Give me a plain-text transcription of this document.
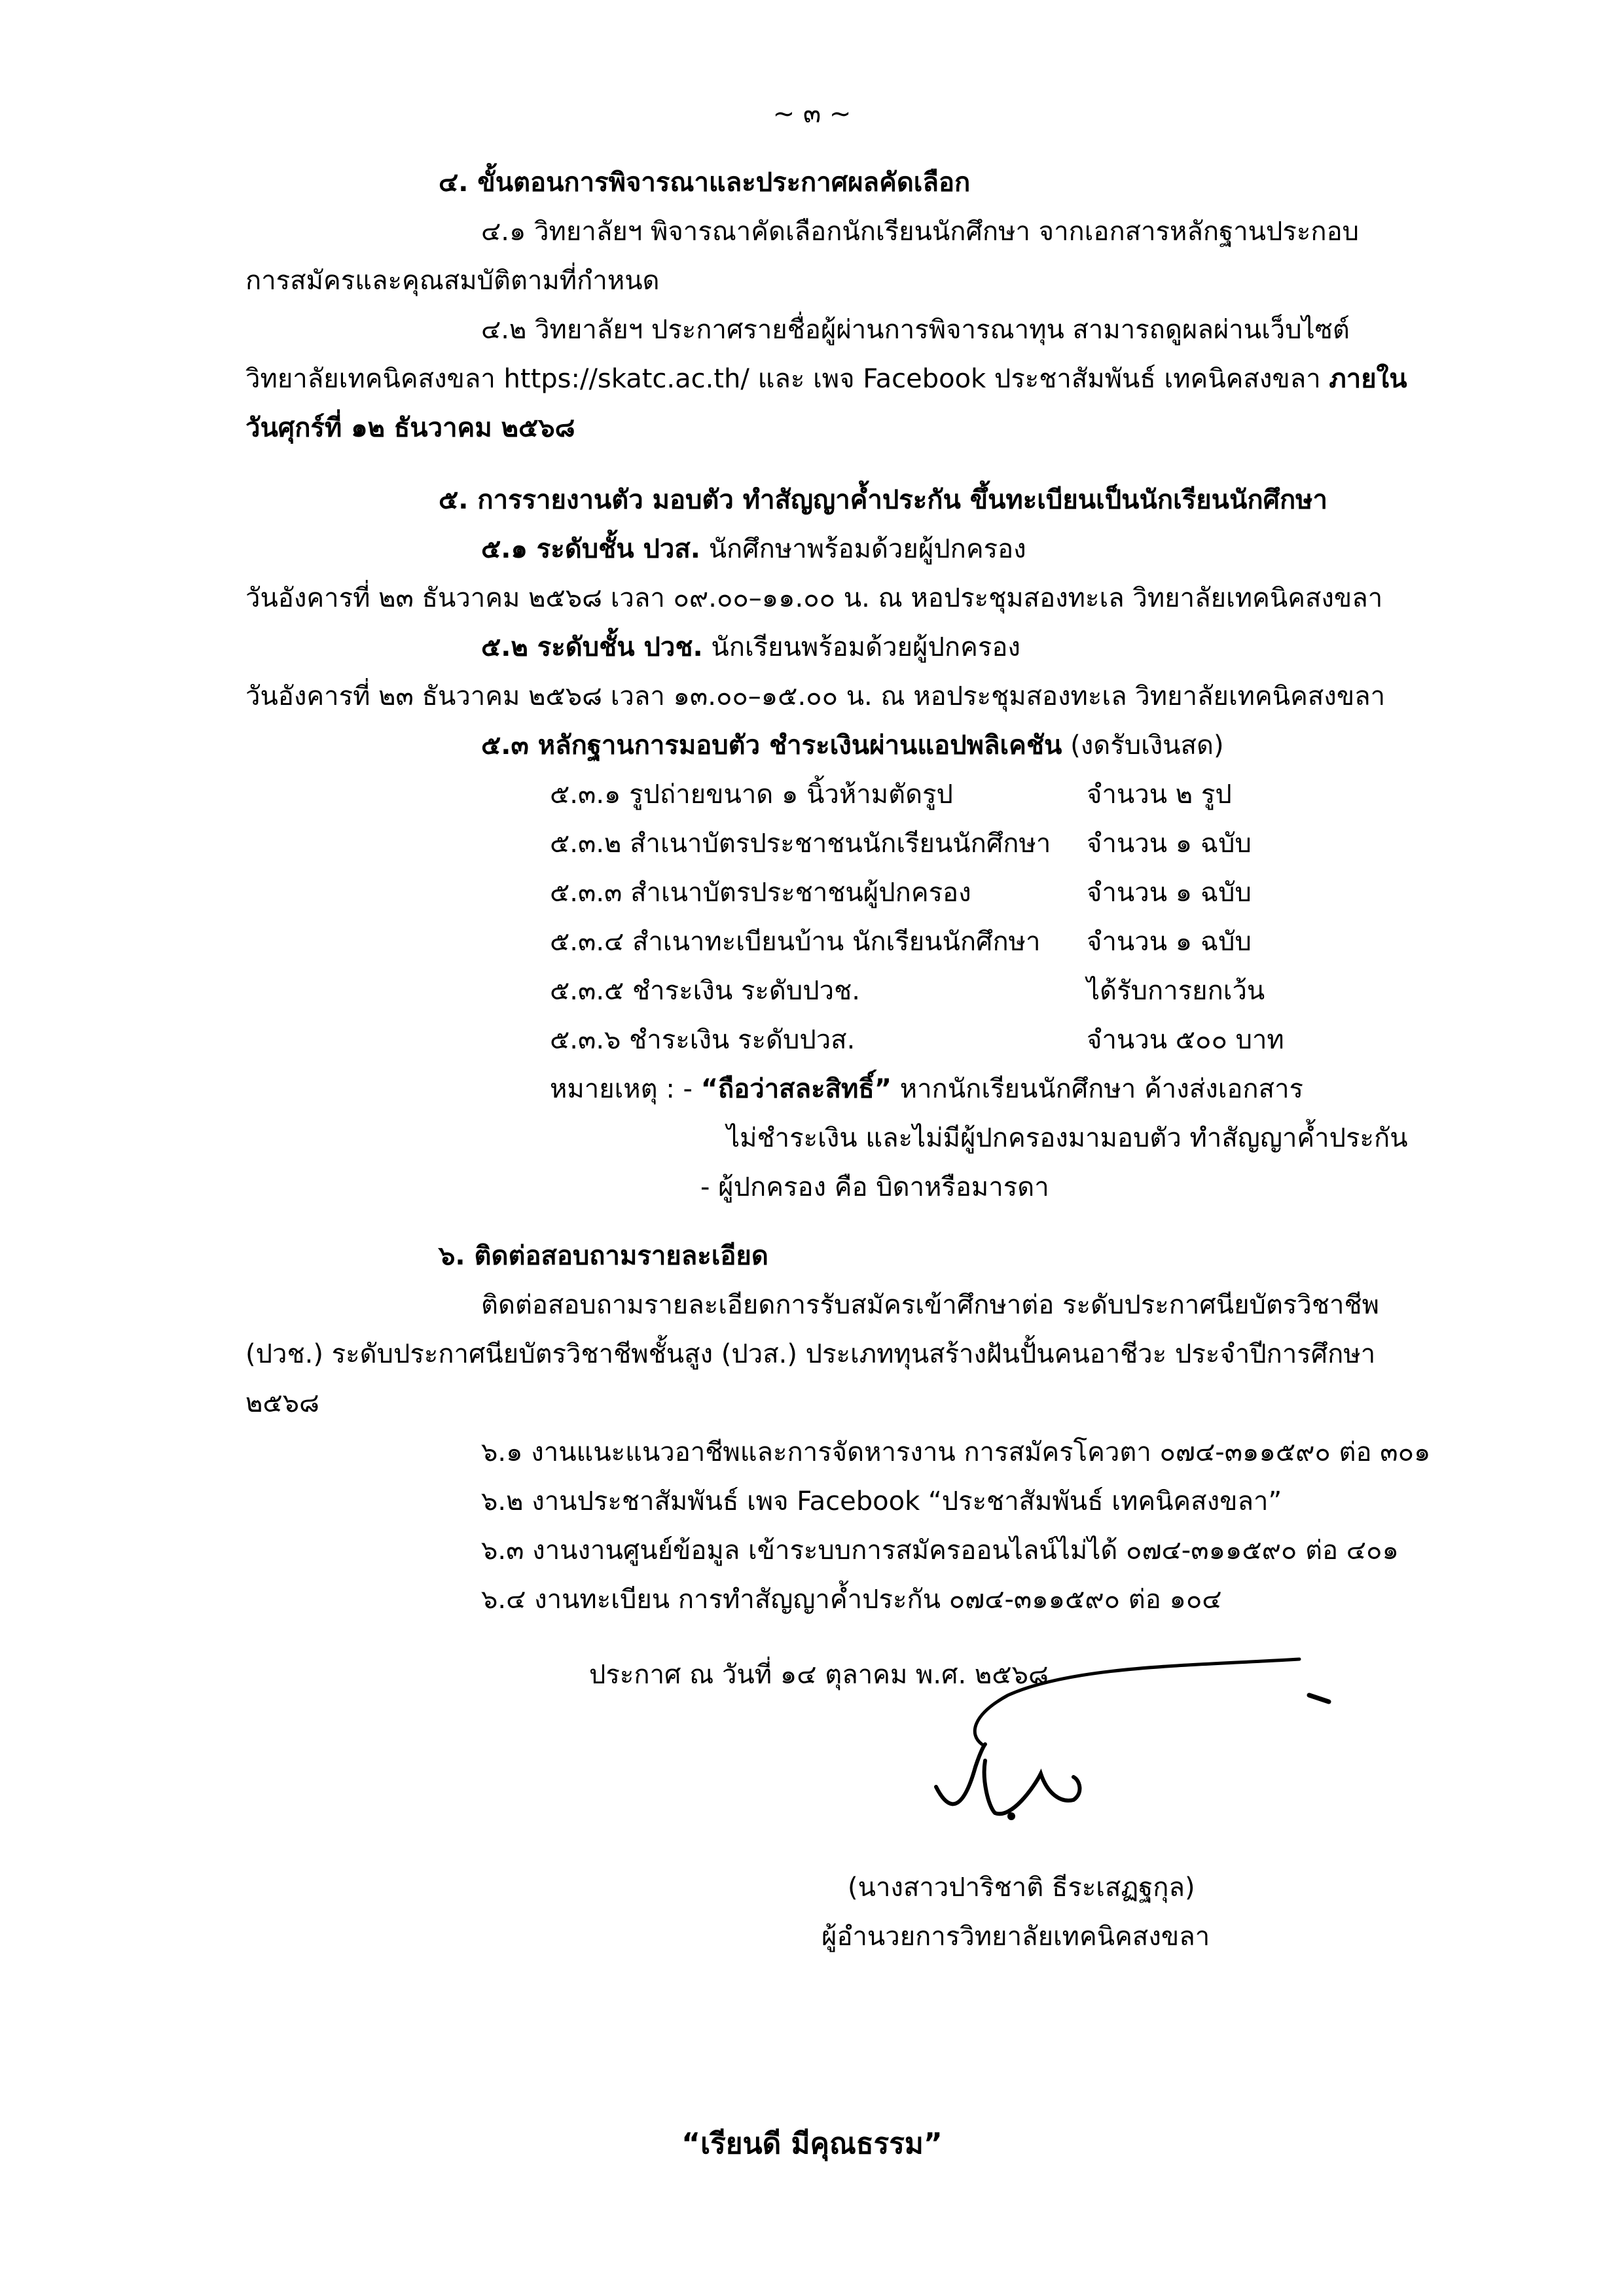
~ ๓ ~
๔. ขั้นตอนการพิจารณาและประกาศผลคัดเลือก
๔.๑ วิทยาลัยฯ พิจารณาคัดเลือกนักเรียนนักศึกษา จากเอกสารหลักฐานประกอบ
การสมัครและคุณสมบัติตามที่กำหนด
๔.๒ วิทยาลัยฯ ประกาศรายชื่อผู้ผ่านการพิจารณาทุน สามารถดูผลผ่านเว็บไซต์
วิทยาลัยเทคนิคสงขลา https://skatc.ac.th/ และ เพจ Facebook ประชาสัมพันธ์ เทคนิคสงขลา ภายใน
วันศุกร์ที่ ๑๒ ธันวาคม ๒๕๖๘
๕. การรายงานตัว มอบตัว ทำสัญญาค้ำประกัน ขึ้นทะเบียนเป็นนักเรียนนักศึกษา
๕.๑ ระดับชั้น ปวส. นักศึกษาพร้อมด้วยผู้ปกครอง
วันอังคารที่ ๒๓ ธันวาคม ๒๕๖๘ เวลา ๐๙.๐๐–๑๑.๐๐ น. ณ หอประชุมสองทะเล วิทยาลัยเทคนิคสงขลา
๕.๒ ระดับชั้น ปวช. นักเรียนพร้อมด้วยผู้ปกครอง
วันอังคารที่ ๒๓ ธันวาคม ๒๕๖๘ เวลา ๑๓.๐๐–๑๕.๐๐ น. ณ หอประชุมสองทะเล วิทยาลัยเทคนิคสงขลา
๕.๓ หลักฐานการมอบตัว ชำระเงินผ่านแอปพลิเคชัน (งดรับเงินสด)
๕.๓.๑ รูปถ่ายขนาด ๑ นิ้วห้ามตัดรูป	จำนวน ๒ รูป
๕.๓.๒ สำเนาบัตรประชาชนนักเรียนนักศึกษา จำนวน ๑ ฉบับ
๕.๓.๓ สำเนาบัตรประชาชนผู้ปกครอง	จำนวน ๑ ฉบับ
๕.๓.๔ สำเนาทะเบียนบ้าน นักเรียนนักศึกษา จำนวน ๑ ฉบับ
๕.๓.๕ ชำระเงิน ระดับปวช.	ได้รับการยกเว้น
๕.๓.๖ ชำระเงิน ระดับปวส.	จำนวน ๕๐๐ บาท
หมายเหตุ : - “ถือว่าสละสิทธิ์” หากนักเรียนนักศึกษา ค้างส่งเอกสาร
ไม่ชำระเงิน และไม่มีผู้ปกครองมามอบตัว ทำสัญญาค้ำประกัน
- ผู้ปกครอง คือ บิดาหรือมารดา
๖. ติดต่อสอบถามรายละเอียด
ติดต่อสอบถามรายละเอียดการรับสมัครเข้าศึกษาต่อ ระดับประกาศนียบัตรวิชาชีพ
(ปวช.) ระดับประกาศนียบัตรวิชาชีพชั้นสูง (ปวส.) ประเภททุนสร้างฝันปั้นคนอาชีวะ ประจำปีการศึกษา
๒๕๖๘
๖.๑ งานแนะแนวอาชีพและการจัดหารงาน การสมัครโควตา ๐๗๔-๓๑๑๕๙๐ ต่อ ๓๐๑
๖.๒ งานประชาสัมพันธ์ เพจ Facebook “ประชาสัมพันธ์ เทคนิคสงขลา”
๖.๓ งานงานศูนย์ข้อมูล เข้าระบบการสมัครออนไลน์ไม่ได้ ๐๗๔-๓๑๑๕๙๐ ต่อ ๔๐๑
๖.๔ งานทะเบียน การทำสัญญาค้ำประกัน ๐๗๔-๓๑๑๕๙๐ ต่อ ๑๐๔
ประกาศ ณ วันที่ ๑๔ ตุลาคม พ.ศ. ๒๕๖๘
(นางสาวปาริชาติ ธีระเสฏฐกุล)
ผู้อำนวยการวิทยาลัยเทคนิคสงขลา
“เรียนดี มีคุณธรรม”
